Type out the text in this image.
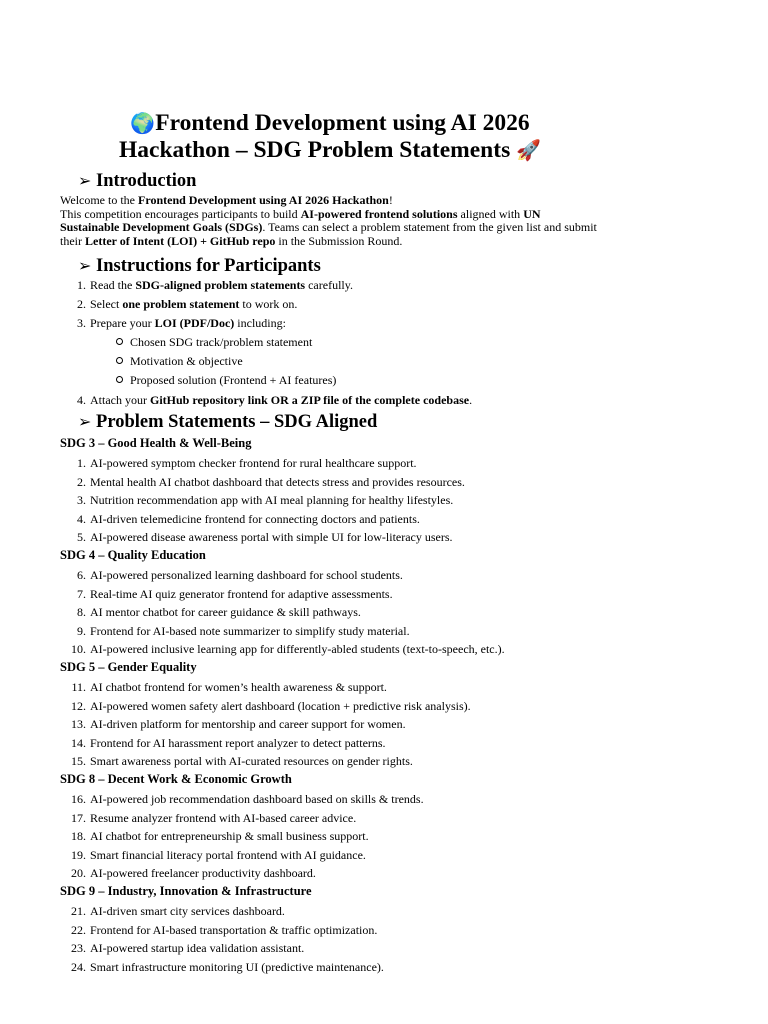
🌍Frontend Development using AI 2026
Hackathon – SDG Problem Statements 🚀
➢ Introduction
Welcome to the Frontend Development using AI 2026 Hackathon!
This competition encourages participants to build AI-powered frontend solutions aligned with UN Sustainable Development Goals (SDGs). Teams can select a problem statement from the given list and submit their Letter of Intent (LOI) + GitHub repo in the Submission Round.
➢ Instructions for Participants
1. Read the SDG-aligned problem statements carefully.
2. Select one problem statement to work on.
3. Prepare your LOI (PDF/Doc) including:
Chosen SDG track/problem statement
Motivation & objective
Proposed solution (Frontend + AI features)
4. Attach your GitHub repository link OR a ZIP file of the complete codebase.
➢ Problem Statements – SDG Aligned
SDG 3 – Good Health & Well-Being
1. AI-powered symptom checker frontend for rural healthcare support.
2. Mental health AI chatbot dashboard that detects stress and provides resources.
3. Nutrition recommendation app with AI meal planning for healthy lifestyles.
4. AI-driven telemedicine frontend for connecting doctors and patients.
5. AI-powered disease awareness portal with simple UI for low-literacy users.
SDG 4 – Quality Education
6. AI-powered personalized learning dashboard for school students.
7. Real-time AI quiz generator frontend for adaptive assessments.
8. AI mentor chatbot for career guidance & skill pathways.
9. Frontend for AI-based note summarizer to simplify study material.
10. AI-powered inclusive learning app for differently-abled students (text-to-speech, etc.).
SDG 5 – Gender Equality
11. AI chatbot frontend for women’s health awareness & support.
12. AI-powered women safety alert dashboard (location + predictive risk analysis).
13. AI-driven platform for mentorship and career support for women.
14. Frontend for AI harassment report analyzer to detect patterns.
15. Smart awareness portal with AI-curated resources on gender rights.
SDG 8 – Decent Work & Economic Growth
16. AI-powered job recommendation dashboard based on skills & trends.
17. Resume analyzer frontend with AI-based career advice.
18. AI chatbot for entrepreneurship & small business support.
19. Smart financial literacy portal frontend with AI guidance.
20. AI-powered freelancer productivity dashboard.
SDG 9 – Industry, Innovation & Infrastructure
21. AI-driven smart city services dashboard.
22. Frontend for AI-based transportation & traffic optimization.
23. AI-powered startup idea validation assistant.
24. Smart infrastructure monitoring UI (predictive maintenance).
